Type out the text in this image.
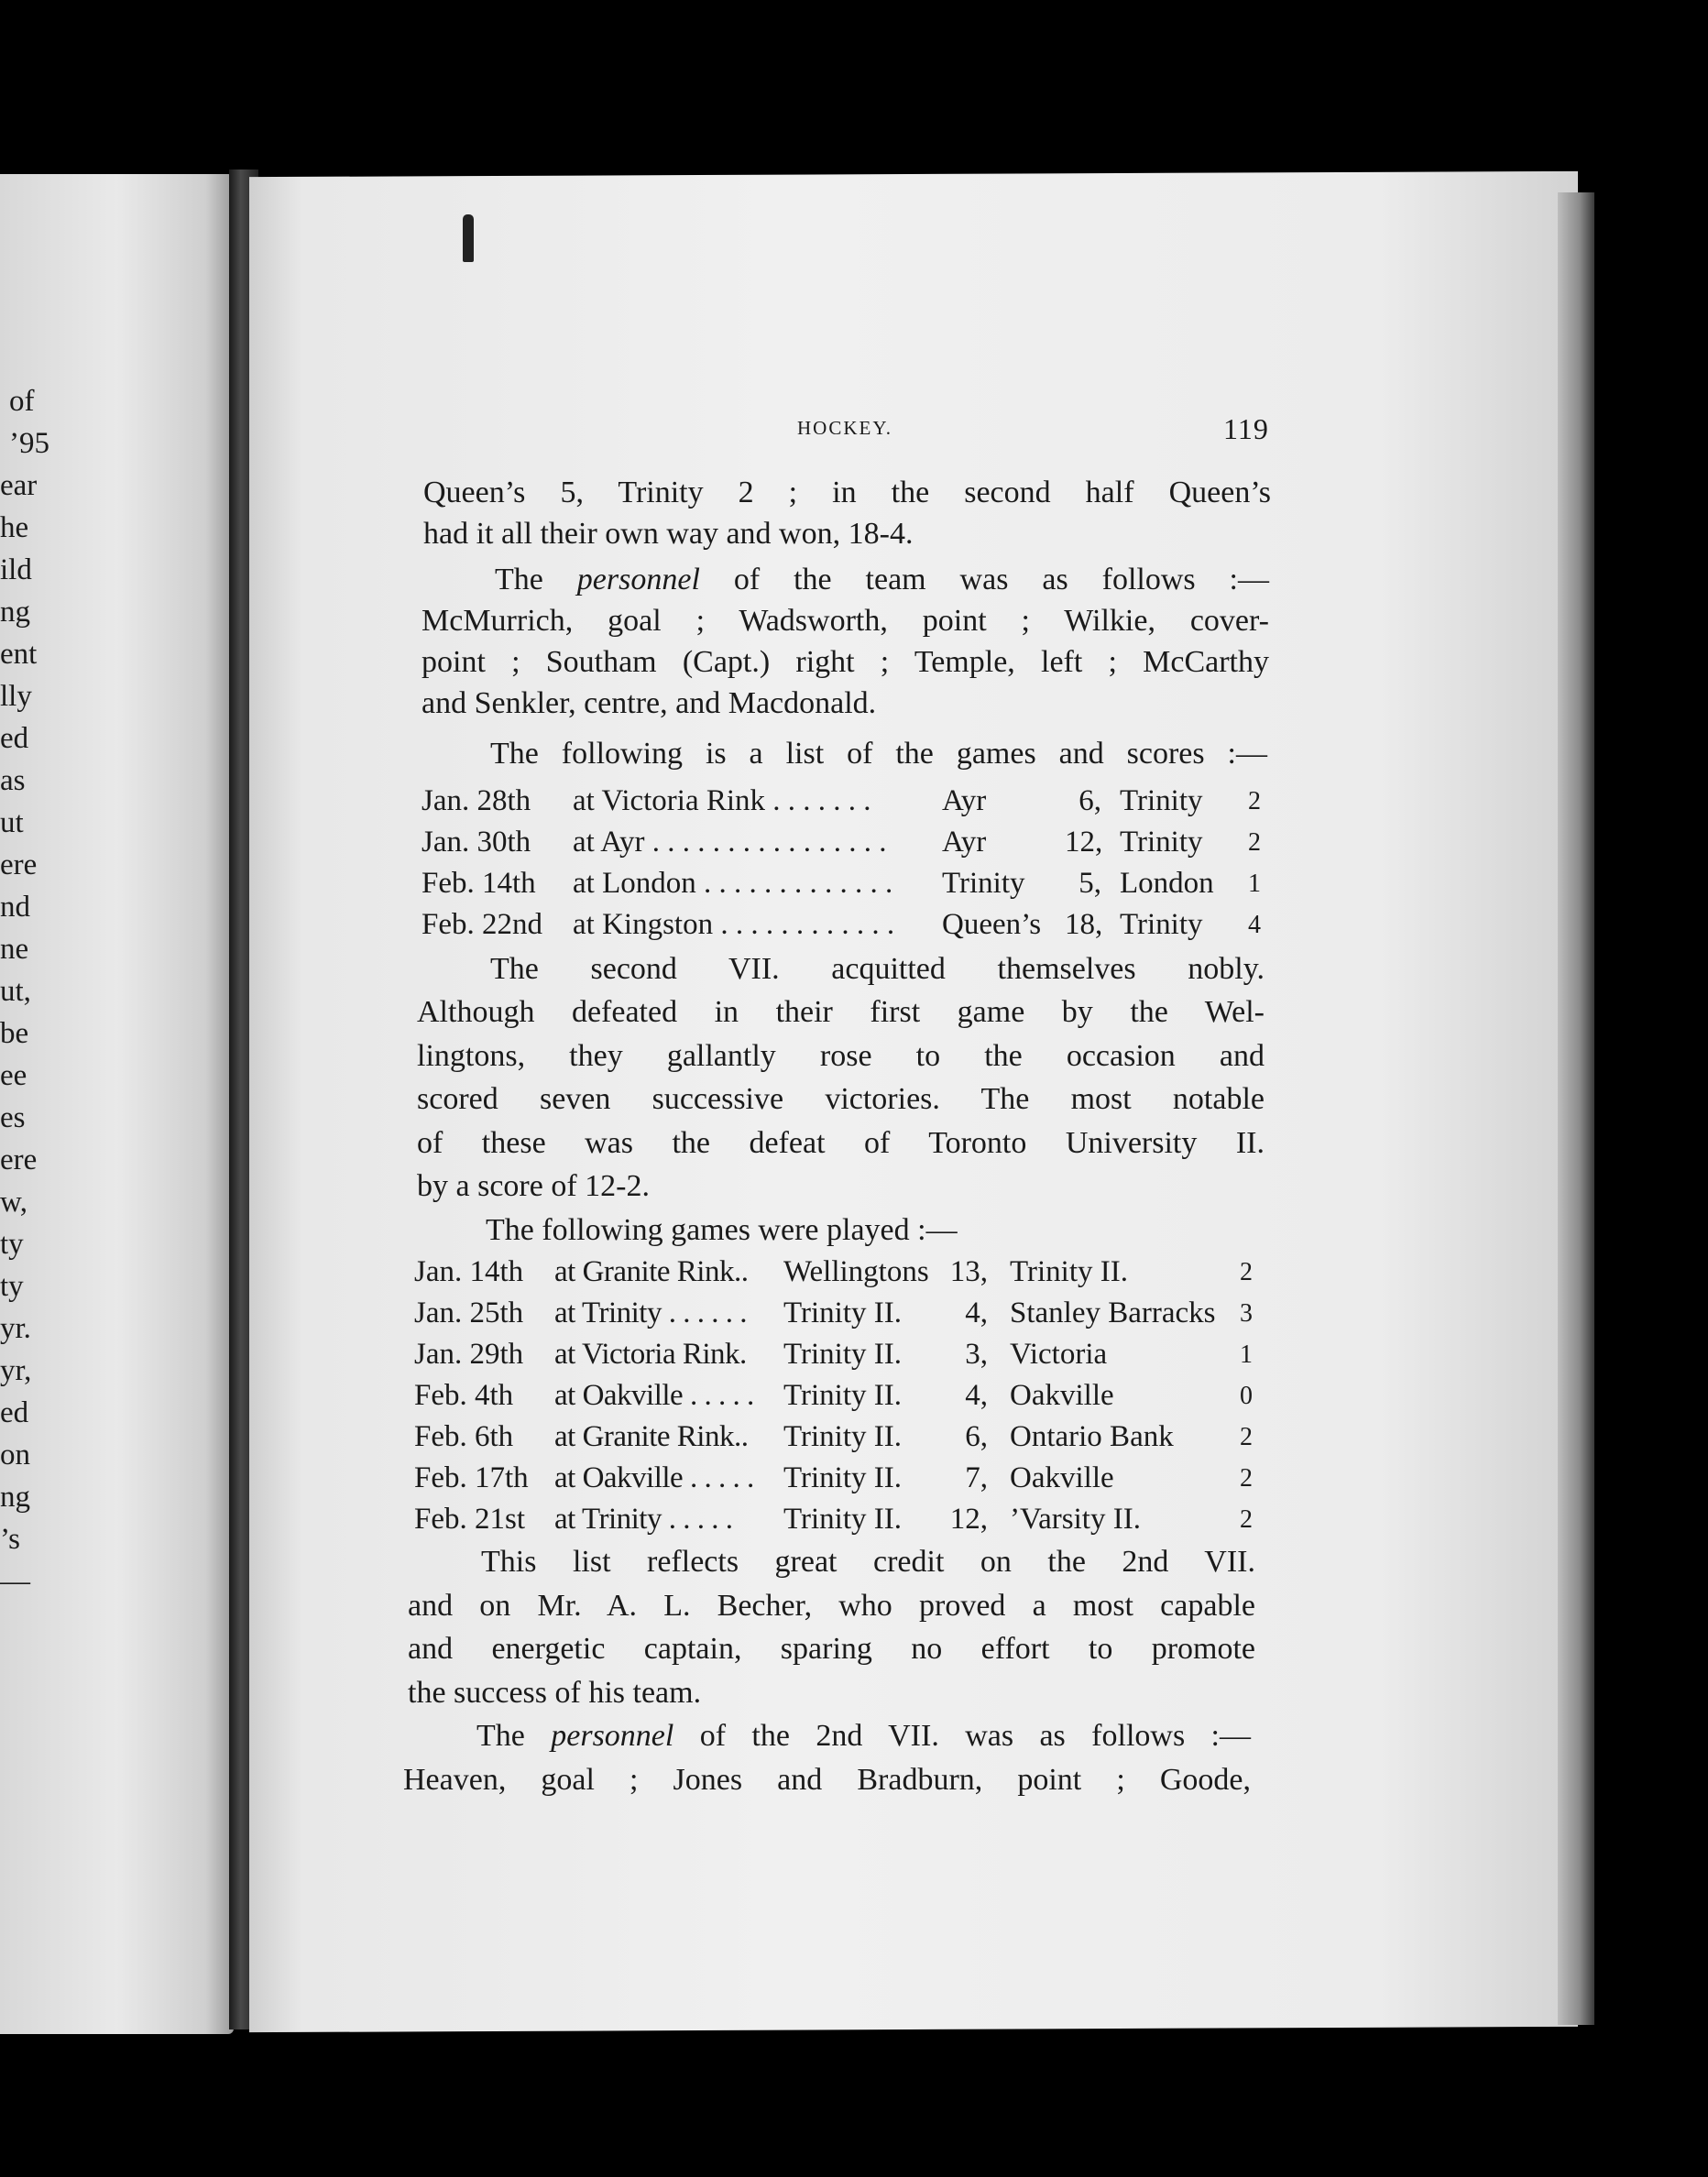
of
’95
ear
he
ild
ng
ent
lly
ed
as
ut
ere
nd
ne
ut,
be
ee
es
ere
w,
ty
ty
yr.
yr,
ed
on
ng
’s
—
HOCKEY.	119
Queen’s 5, Trinity 2 ; in the second half Queen’s
had it all their own way and won, 18-4.
The personnel of the team was as follows :—
McMurrich, goal ; Wadsworth, point ; Wilkie, cover-
point ; Southam (Capt.) right ; Temple, left ; McCarthy
and Senkler, centre, and Macdonald.
The following is a list of the games and scores :—
Jan. 28th at Victoria Rink . . . . . . . Ayr	6, Trinity 2
Jan. 30th at Ayr . . . . . . . . . . . . . . . . Ayr	12, Trinity 2
Feb. 14th at London . . . . . . . . . . . . . Trinity	5, London 1
Feb. 22nd at Kingston . . . . . . . . . . . . Queen’s 18, Trinity 4
The second VII. acquitted themselves nobly.
Although defeated in their first game by the Wel-
lingtons, they gallantly rose to the occasion and
scored seven successive victories. The most notable
of these was the defeat of Toronto University II.
by a score of 12-2.
The following games were played :—
Jan. 14th at Granite Rink.. Wellingtons 13, Trinity II.	2
Jan. 25th at Trinity . . . . . . Trinity II.	4, Stanley Barracks 3
Jan. 29th at Victoria Rink. Trinity II.	3, Victoria	1
Feb. 4th at Oakville . . . . . Trinity II.	4, Oakville	0
Feb. 6th at Granite Rink.. Trinity II.	6, Ontario Bank	2
Feb. 17th at Oakville . . . . . Trinity II.	7, Oakville	2
Feb. 21st at Trinity . . . . . Trinity II. 12, ’Varsity II.	2
This list reflects great credit on the 2nd VII.
and on Mr. A. L. Becher, who proved a most capable
and energetic captain, sparing no effort to promote
the success of his team.
The personnel of the 2nd VII. was as follows :—
Heaven, goal ; Jones and Bradburn, point ; Goode,
